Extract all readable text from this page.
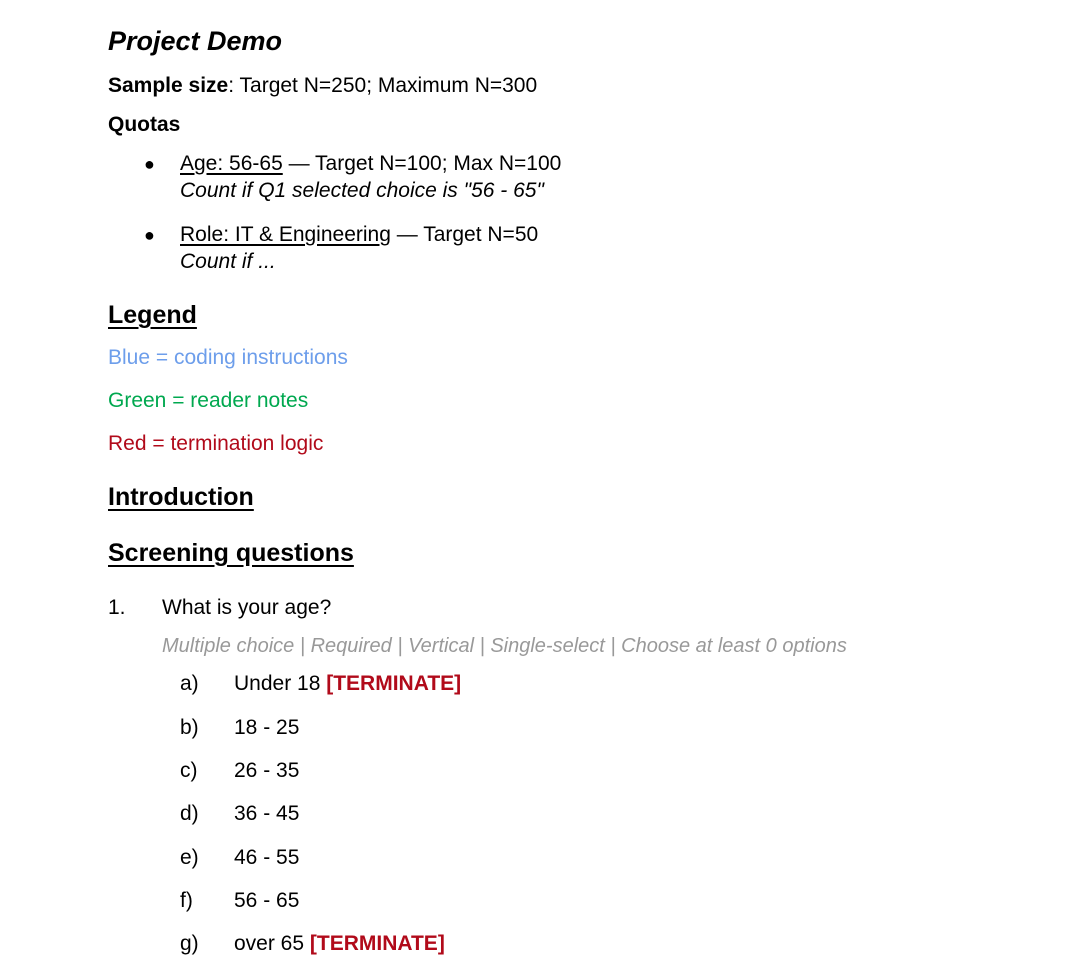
Project Demo
Sample size: Target N=250; Maximum N=300
Quotas
● Age: 56-65 — Target N=100; Max N=100
Count if Q1 selected choice is "56 - 65"
● Role: IT & Engineering — Target N=50
Count if ...
Legend
Blue = coding instructions
Green = reader notes
Red = termination logic
Introduction
Screening questions
1. What is your age?
Multiple choice | Required | Vertical | Single-select | Choose at least 0 options
a) Under 18 [TERMINATE]
b) 18 - 25
c) 26 - 35
d) 36 - 45
e) 46 - 55
f) 56 - 65
g) over 65 [TERMINATE]
